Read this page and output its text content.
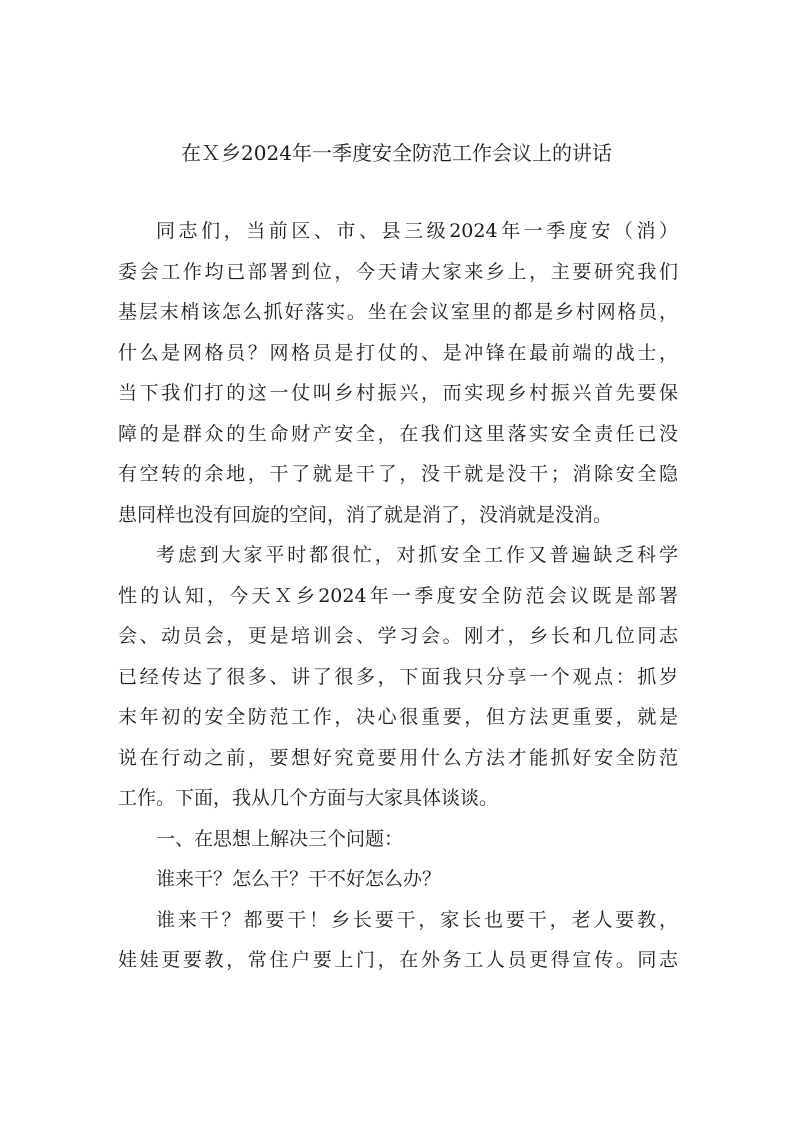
在Ｘ乡2024年一季度安全防范工作会议上的讲话

同志们，当前区、市、县三级2024年一季度安（消）
委会工作均已部署到位，今天请大家来乡上，主要研究我们
基层末梢该怎么抓好落实。坐在会议室里的都是乡村网格员，
什么是网格员？网格员是打仗的、是冲锋在最前端的战士，
当下我们打的这一仗叫乡村振兴，而实现乡村振兴首先要保
障的是群众的生命财产安全，在我们这里落实安全责任已没
有空转的余地，干了就是干了，没干就是没干；消除安全隐
患同样也没有回旋的空间，消了就是消了，没消就是没消。

考虑到大家平时都很忙，对抓安全工作又普遍缺乏科学
性的认知，今天Ｘ乡2024年一季度安全防范会议既是部署
会、动员会，更是培训会、学习会。刚才，乡长和几位同志
已经传达了很多、讲了很多，下面我只分享一个观点：抓岁
末年初的安全防范工作，决心很重要，但方法更重要，就是
说在行动之前，要想好究竟要用什么方法才能抓好安全防范
工作。下面，我从几个方面与大家具体谈谈。

一、在思想上解决三个问题：

谁来干？怎么干？干不好怎么办？

谁来干？都要干！乡长要干，家长也要干，老人要教，
娃娃更要教，常住户要上门，在外务工人员更得宣传。同志
